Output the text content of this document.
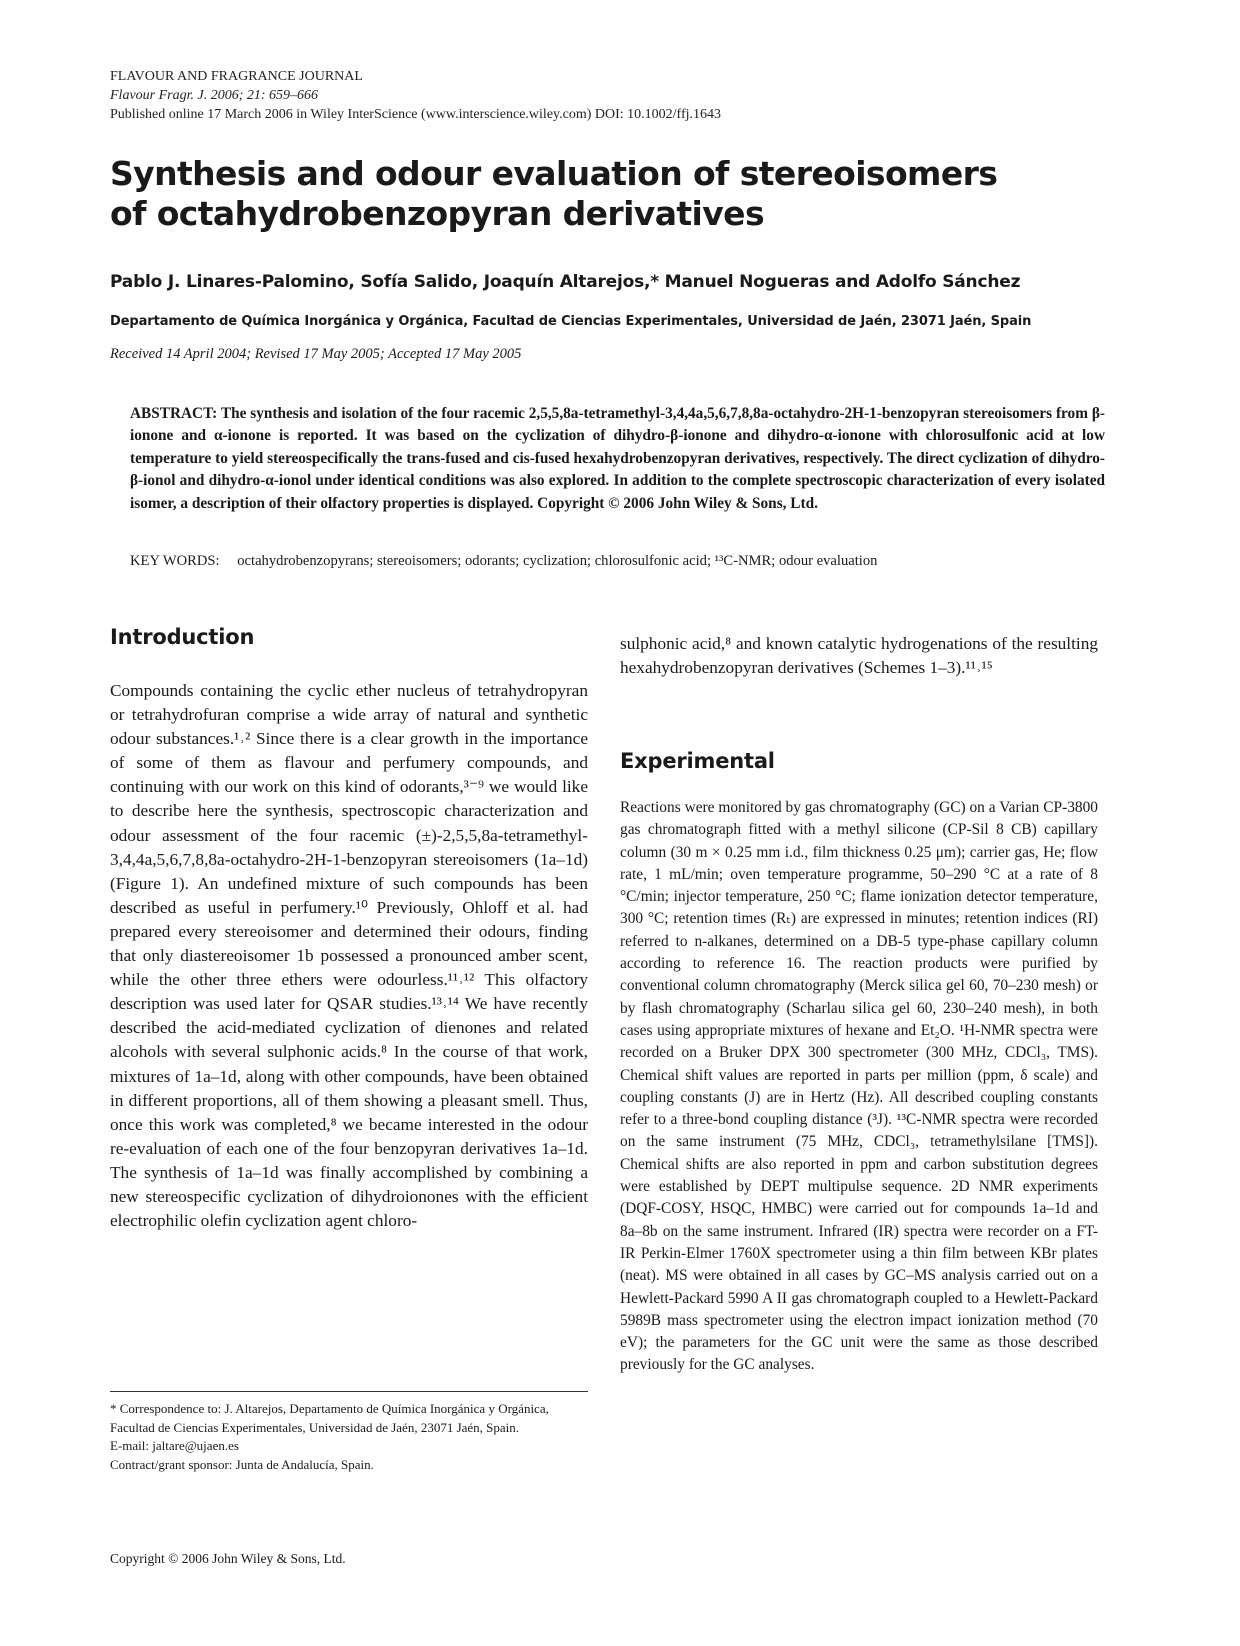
FLAVOUR AND FRAGRANCE JOURNAL
Flavour Fragr. J. 2006; 21: 659–666
Published online 17 March 2006 in Wiley InterScience (www.interscience.wiley.com) DOI: 10.1002/ffj.1643
Synthesis and odour evaluation of stereoisomers
of octahydrobenzopyran derivatives
Pablo J. Linares-Palomino, Sofía Salido, Joaquín Altarejos,* Manuel Nogueras and Adolfo Sánchez
Departamento de Química Inorgánica y Orgánica, Facultad de Ciencias Experimentales, Universidad de Jaén, 23071 Jaén, Spain
Received 14 April 2004; Revised 17 May 2005; Accepted 17 May 2005
ABSTRACT: The synthesis and isolation of the four racemic 2,5,5,8a-tetramethyl-3,4,4a,5,6,7,8,8a-octahydro-2H-1-benzopyran stereoisomers from β-ionone and α-ionone is reported. It was based on the cyclization of dihydro-β-ionone and dihydro-α-ionone with chlorosulfonic acid at low temperature to yield stereospecifically the trans-fused and cis-fused hexahydrobenzopyran derivatives, respectively. The direct cyclization of dihydro-β-ionol and dihydro-α-ionol under identical conditions was also explored. In addition to the complete spectroscopic characterization of every isolated isomer, a description of their olfactory properties is displayed. Copyright © 2006 John Wiley & Sons, Ltd.
KEY WORDS: octahydrobenzopyrans; stereoisomers; odorants; cyclization; chlorosulfonic acid; ¹³C-NMR; odour evaluation
Introduction

Compounds containing the cyclic ether nucleus of tetrahydropyran or tetrahydrofuran comprise a wide array of natural and synthetic odour substances.¹˒² Since there is a clear growth in the importance of some of them as flavour and perfumery compounds, and continuing with our work on this kind of odorants,³⁻⁹ we would like to describe here the synthesis, spectroscopic characterization and odour assessment of the four racemic (±)-2,5,5,8a-tetramethyl-3,4,4a,5,6,7,8,8a-octahydro-2H-1-benzopyran stereoisomers (1a–1d) (Figure 1). An undefined mixture of such compounds has been described as useful in perfumery.¹⁰ Previously, Ohloff et al. had prepared every stereoisomer and determined their odours, finding that only diastereoisomer 1b possessed a pronounced amber scent, while the other three ethers were odourless.¹¹˒¹² This olfactory description was used later for QSAR studies.¹³˒¹⁴ We have recently described the acid-mediated cyclization of dienones and related alcohols with several sulphonic acids.⁸ In the course of that work, mixtures of 1a–1d, along with other compounds, have been obtained in different proportions, all of them showing a pleasant smell. Thus, once this work was completed,⁸ we became interested in the odour re-evaluation of each one of the four benzopyran derivatives 1a–1d. The synthesis of 1a–1d was finally accomplished by combining a new stereospecific cyclization of dihydroionones with the efficient electrophilic olefin cyclization agent chloro-

sulphonic acid,⁸ and known catalytic hydrogenations of the resulting hexahydrobenzopyran derivatives (Schemes 1–3).¹¹˒¹⁵

Experimental

Reactions were monitored by gas chromatography (GC) on a Varian CP-3800 gas chromatograph fitted with a methyl silicone (CP-Sil 8 CB) capillary column (30 m × 0.25 mm i.d., film thickness 0.25 μm); carrier gas, He; flow rate, 1 mL/min; oven temperature programme, 50–290 °C at a rate of 8 °C/min; injector temperature, 250 °C; flame ionization detector temperature, 300 °C; retention times (Rₜ) are expressed in minutes; retention indices (RI) referred to n-alkanes, determined on a DB-5 type-phase capillary column according to reference 16. The reaction products were purified by conventional column chromatography (Merck silica gel 60, 70–230 mesh) or by flash chromatography (Scharlau silica gel 60, 230–240 mesh), in both cases using appropriate mixtures of hexane and Et₂O. ¹H-NMR spectra were recorded on a Bruker DPX 300 spectrometer (300 MHz, CDCl₃, TMS). Chemical shift values are reported in parts per million (ppm, δ scale) and coupling constants (J) are in Hertz (Hz). All described coupling constants refer to a three-bond coupling distance (³J). ¹³C-NMR spectra were recorded on the same instrument (75 MHz, CDCl₃, tetramethylsilane [TMS]). Chemical shifts are also reported in ppm and carbon substitution degrees were established by DEPT multipulse sequence. 2D NMR experiments (DQF-COSY, HSQC, HMBC) were carried out for compounds 1a–1d and 8a–8b on the same instrument. Infrared (IR) spectra were recorder on a FT-IR Perkin-Elmer 1760X spectrometer using a thin film between KBr plates (neat). MS were obtained in all cases by GC–MS analysis carried out on a Hewlett-Packard 5990 A II gas chromatograph coupled to a Hewlett-Packard 5989B mass spectrometer using the electron impact ionization method (70 eV); the parameters for the GC unit were the same as those described previously for the GC analyses.

* Correspondence to: J. Altarejos, Departamento de Química Inorgánica y Orgánica, Facultad de Ciencias Experimentales, Universidad de Jaén, 23071 Jaén, Spain.
E-mail: jaltare@ujaen.es
Contract/grant sponsor: Junta de Andalucía, Spain.
Copyright © 2006 John Wiley & Sons, Ltd.
